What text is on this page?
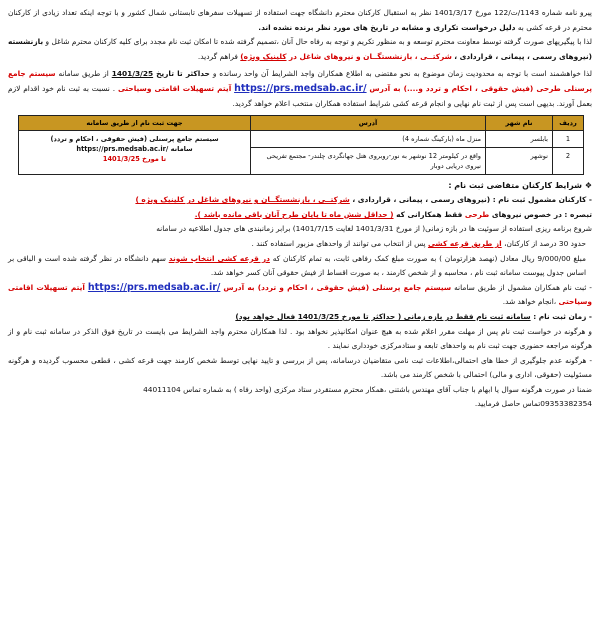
پیرو نامه شماره 1143/ت/122 مورخ 1401/3/17 نظر به استقبال کارکنان محترم دانشگاه جهت استفاده از تسهیلات سفرهای تابستانی شمال کشور و با توجه اینکه تعداد زیادی از کارکنان محترم در قرعه کشی به دلیل درخواست تکراری و مشابه در تاریخ های مورد نظر برنده نشده اند.

لذا با پیگیریهای صورت گرفته توسط معاونت محترم توسعه و به منظور تکریم و توجه به رفاه حال آنان ،تصمیم گرفته شده تا امکان ثبت نام مجدد برای کلیه کارکنان محترم شاغل و بازنشسته (نیروهای رسمی ، پیمانی ، قراردادی ، شرکتــی ، بازنشستگــان و نیروهای شاغل در کلینیک ویژه) فراهم گردید.

لذا خواهشمند است با توجه به محدودیت زمان موضوع به نحو مقتضی به اطلاع همکاران واجد الشرایط آن واحد رسانده و حداکثر تا تاریخ 1401/3/25 از طریق سامانه سیستم جامع پرسنلی طرحی (فیش حقوقی ، احکام و تردد و....) به آدرس https://prs.medsab.ac.ir/ آیتم تسهیلات اقامتی وسیاحتی . نسبت به ثبت نام خود اقدام لازم بعمل آورند. بدیهی است پس از ثبت نام نهایی و انجام قرعه کشی شرایط استفاده همکاران منتخب اعلام خواهد گردید.

ردیف	نام شهر	آدرس	جهت ثبت نام از طریق سامانه
1	بابلسر	منزل ماه (بارکینگ شماره 4)	سیستم جامع پرسنلی (فیش حقوقی ، احکام و تردد)
https://prs.medsab.ac.ir/ سامانه
تا مورخ 1401/3/25

2	نوشهر	واقع در کیلومتر 12 نوشهر به نور-روبروی هتل جهانگردی چلندر- مجتمع تفریحی نیروی دریایی دوبار	
❖ شرایط کارکنان متقاضی ثبت نام :

- کارکنان مشمول ثبت نام : (نیروهای رسمی ، پیمانی ، قراردادی ، شرکتــی ، بازنشستگــان و نیروهای شاغل در کلینیک ویژه )

تبصره : در خصوص نیروهای طرحی فقط همکارانی که ( حداقل شش ماه تا پایان طرح آنان باقی مانده باشد ).

شروع برنامه ریزی استفاده از سوئیت ها در بازه زمانی( از مورخ 1401/3/31 لغایت 1401/7/15) برابر زمانبندی های جدول اطلاعیه در سامانه

حدود 30 درصد از کارکنان، از طریق قرعه کشی پس از انتخاب می توانند از واحدهای مزبور استفاده کنند .

مبلغ 9/000/00 ریال معادل (نهصد هزارتومان ) به صورت مبلغ کمک رفاهی ثابت، به تمام کارکنان که در قرعه کشی انتخاب شوند سهم دانشگاه در نظر گرفته شده است و الباقی بر اساس جدول پیوست سامانه ثبت نام ، محاسبه و از شخص کارمند ، به صورت اقساط از فیش حقوقی آنان کسر خواهد شد.

- ثبت نام همکاران مشمول از طریق سامانه سیستم جامع پرسنلی (فیش حقوقی ، احکام و تردد) به آدرس https://prs.medsab.ac.ir/ آیتم تسهیلات اقامتی وسیاحتی ،انجام خواهد شد.

- زمان ثبت نام : سامانه ثبت نام فقط در بازه زمانی ( حداکثر تا مورخ 1401/3/25 فعال خواهد بود)

و هرگونه در خواست ثبت نام پس از مهلت مقرر اعلام شده به هیچ عنوان امکانپذیر نخواهد بود . لذا همکاران محترم واجد الشرایط می بایست در تاریخ فوق الذکر در سامانه ثبت نام و از هرگونه مراجعه حضوری جهت ثبت نام به واحدهای تابعه و ستادمرکزی خودداری نمایند .

- هرگونه عدم جلوگیری از خطا های احتمالی،اطلاعات ثبت نامی متقاضیان درسامانه، پس از بررسی و تایید نهایی توسط شخص کارمند جهت قرعه کشی ، قطعی محسوب گردیده و هرگونه مسئولیت (حقوقی، اداری و مالی) احتمالی با شخص کارمند می باشد.

ضمنا در صورت هرگونه سوال یا ابهام با جناب آقای مهندس باشتنی ،همکار محترم مستقردر ستاد مرکزی (واحد رفاه ) به شماره تماس 44011104

09353382354تماس حاصل فرمایید.
